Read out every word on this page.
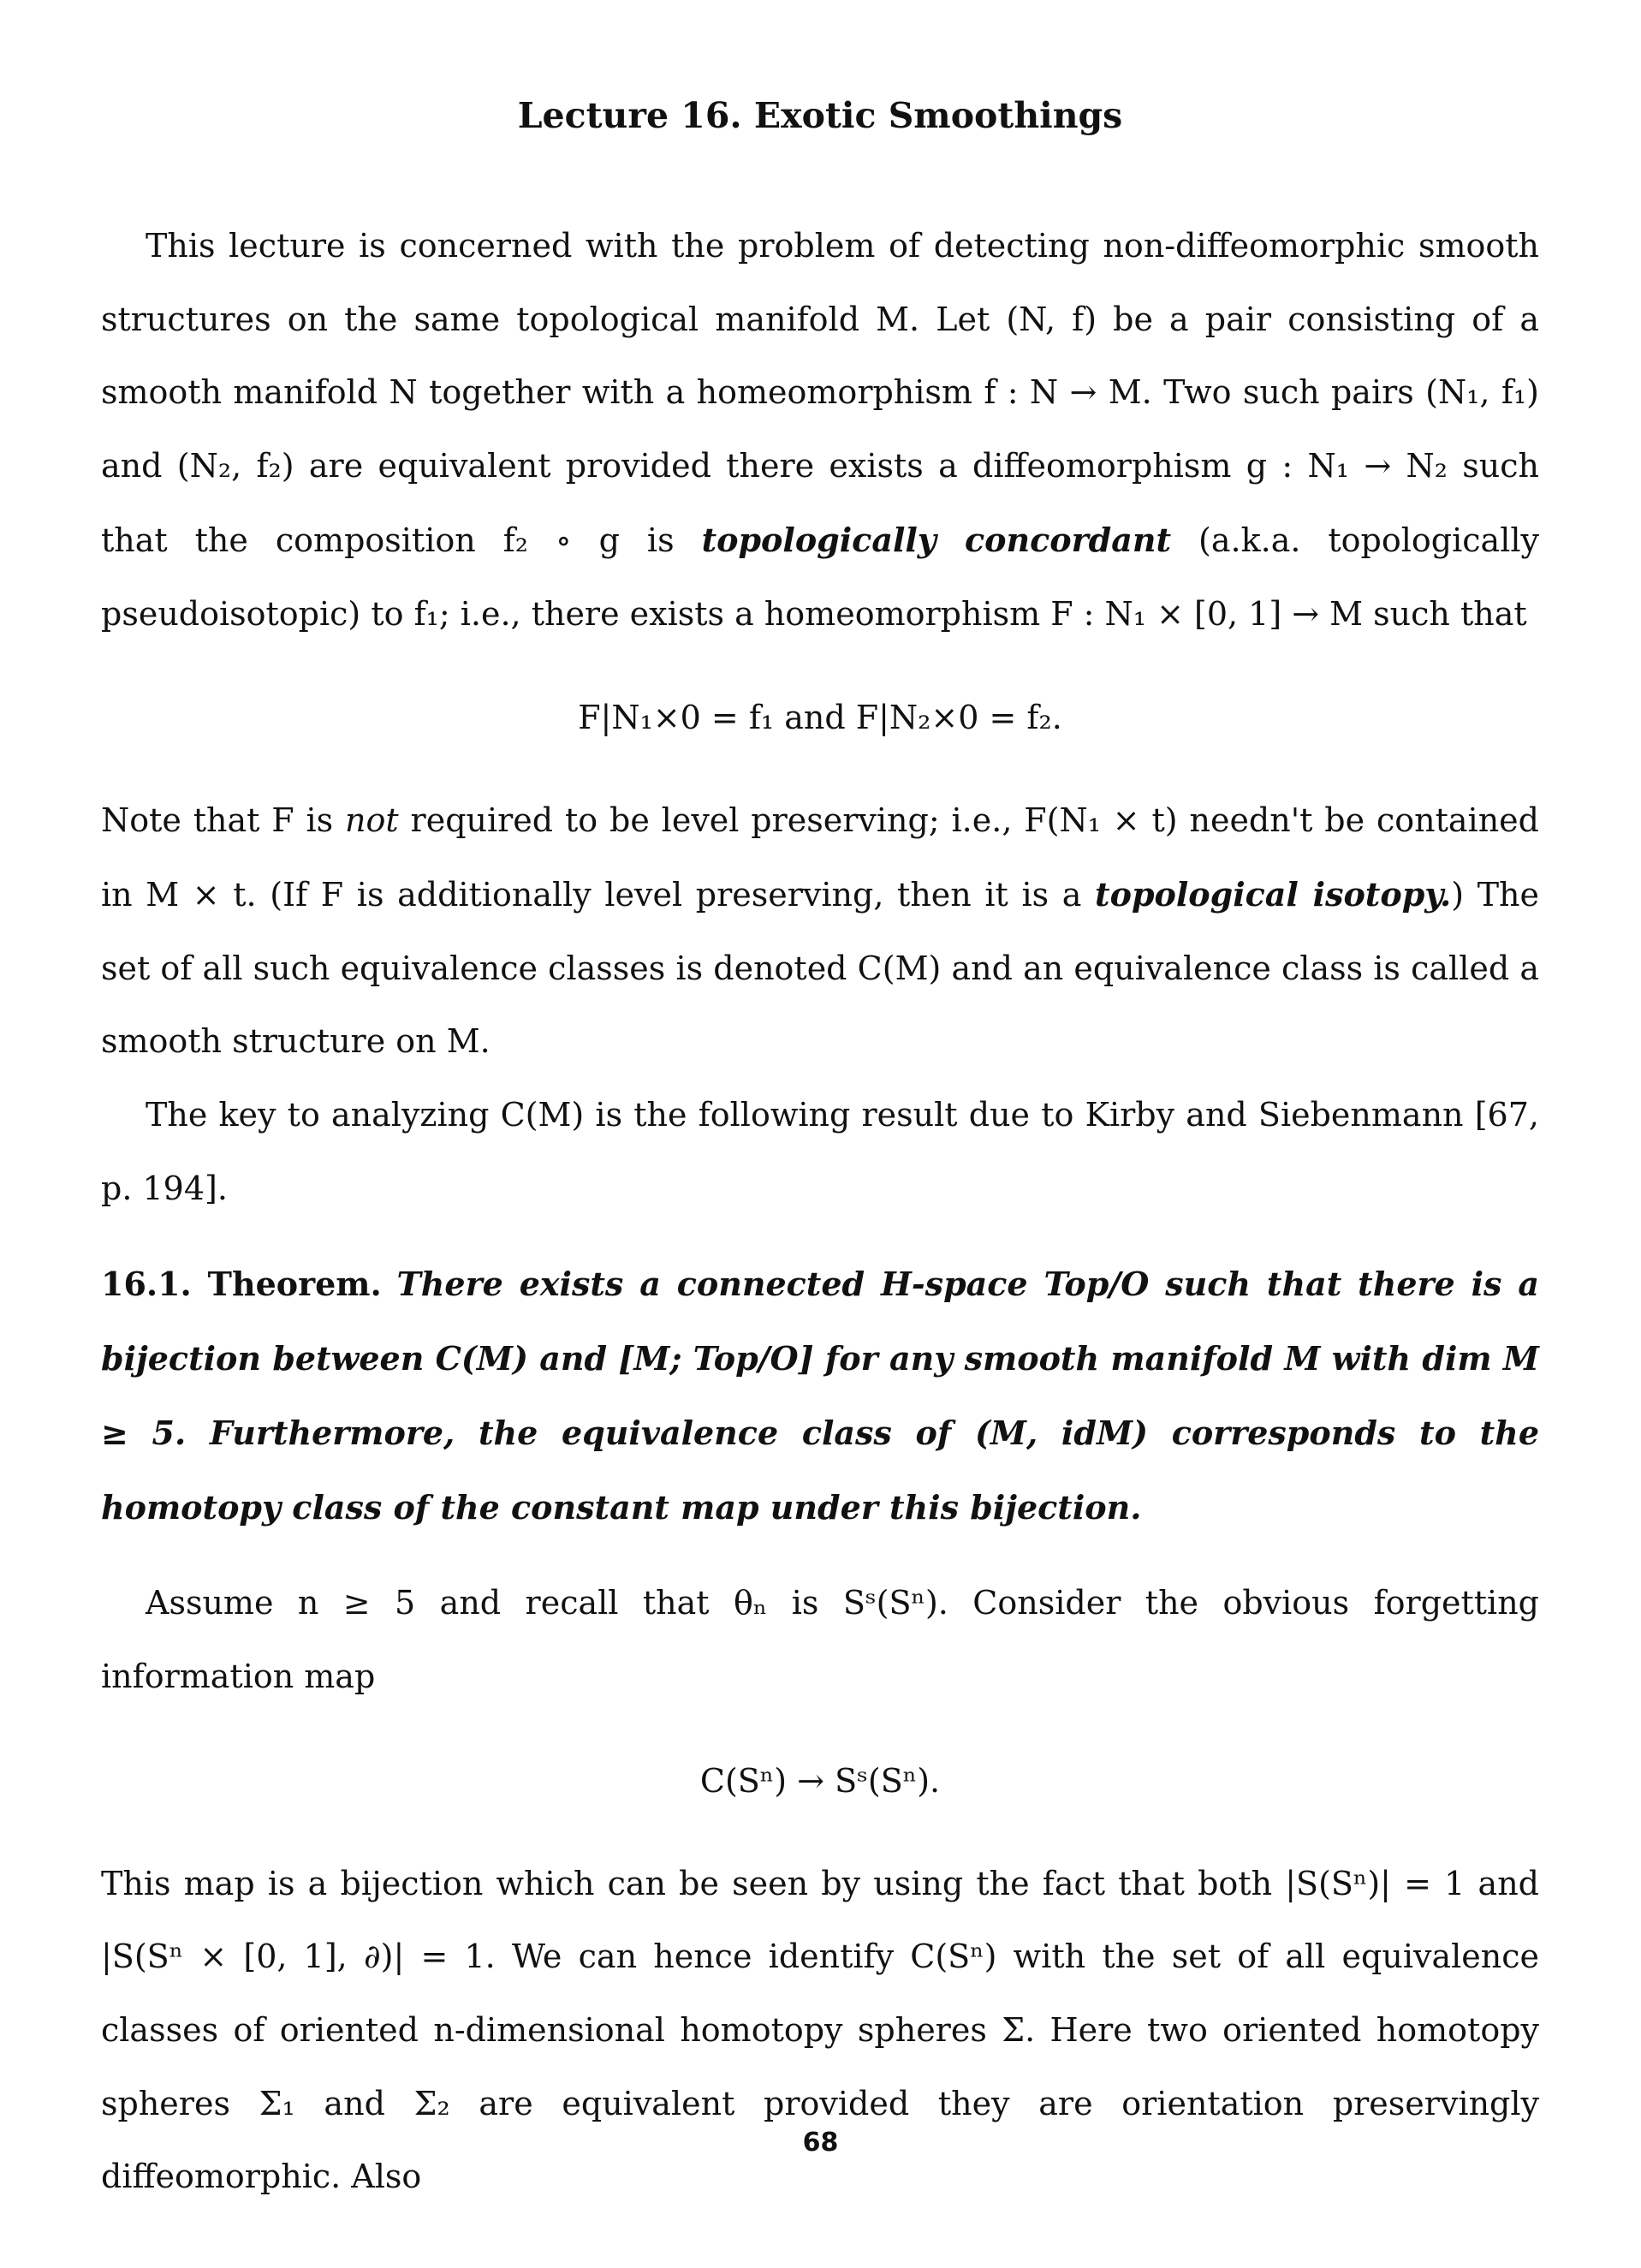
Lecture 16. Exotic Smoothings

This lecture is concerned with the problem of detecting non-diffeomorphic smooth structures on the same topological manifold M. Let (N, f) be a pair consisting of a smooth manifold N together with a homeomorphism f : N → M. Two such pairs (N₁, f₁) and (N₂, f₂) are equivalent provided there exists a diffeomorphism g : N₁ → N₂ such that the composition f₂ ∘ g is topologically concordant (a.k.a. topologically pseudoisotopic) to f₁; i.e., there exists a homeomorphism F : N₁ × [0, 1] → M such that

F|N₁×0 = f₁ and F|N₂×0 = f₂.

Note that F is not required to be level preserving; i.e., F(N₁ × t) needn't be contained in M × t. (If F is additionally level preserving, then it is a topological isotopy.) The set of all such equivalence classes is denoted C(M) and an equivalence class is called a smooth structure on M.

The key to analyzing C(M) is the following result due to Kirby and Siebenmann [67, p. 194].

16.1. Theorem. There exists a connected H-space Top/O such that there is a bijection between C(M) and [M; Top/O] for any smooth manifold M with dim M ≥ 5. Furthermore, the equivalence class of (M, idM) corresponds to the homotopy class of the constant map under this bijection.

Assume n ≥ 5 and recall that θₙ is Sˢ(Sⁿ). Consider the obvious forgetting information map

C(Sⁿ) → Sˢ(Sⁿ).

This map is a bijection which can be seen by using the fact that both |S(Sⁿ)| = 1 and |S(Sⁿ × [0, 1], ∂)| = 1. We can hence identify C(Sⁿ) with the set of all equivalence classes of oriented n-dimensional homotopy spheres Σ. Here two oriented homotopy spheres Σ₁ and Σ₂ are equivalent provided they are orientation preservingly diffeomorphic. Also

68
